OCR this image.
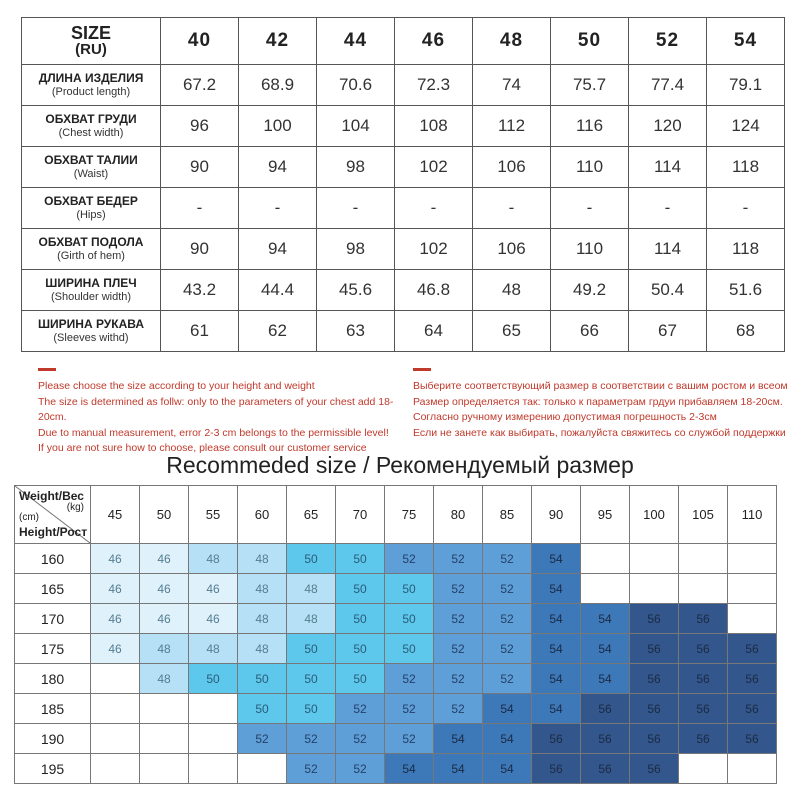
SIZE
(RU)	40	42	44	46	48	50	52	54

ДЛИНА ИЗДЕЛИЯ
(Product length)	67.2	68.9	70.6	72.3	74	75.7	77.4	79.1

ОБХВАТ ГРУДИ
(Chest width)	96	100	104	108	112	116	120	124

ОБХВАТ ТАЛИИ
(Waist)	90	94	98	102	106	110	114	118

ОБХВАТ БЕДЕР
(Hips)	-	-	-	-	-	-	-	-

ОБХВАТ ПОДОЛА
(Girth of hem)	90	94	98	102	106	110	114	118

ШИРИНА ПЛЕЧ
(Shoulder width)	43.2	44.4	45.6	46.8	48	49.2	50.4	51.6

ШИРИНА РУКАВА
(Sleeves withd)	61	62	63	64	65	66	67	68
Please choose the size according to your height and weight
The size is determined as follw: only to the parameters of your chest add 18-20cm.
Due to manual measurement, error 2-3 cm belongs to the permissible level!
If you are not sure how to choose, please consult our customer service
Выберите соответствующий размер в соответствии с вашим ростом и всеом
Размер определяется так: только к параметрам грдуи прибавляем 18-20см.
Согласно ручному измерению допустимая погрешность 2-3см
Если не занете как выбирать, пожалуйста свяжитесь со службой поддержки
Recommeded size / Рекомендуемый размер
Weight/Вес
(kg)
(cm)
Height/Рост	45	50	55	60	65	70	75	80	85	90	95	100	105	110
160	46	46	48	48	50	50	52	52	52	54				
165	46	46	46	48	48	50	50	52	52	54				
170	46	46	46	48	48	50	50	52	52	54	54	56	56	
175	46	48	48	48	50	50	50	52	52	54	54	56	56	56
180		48	50	50	50	50	52	52	52	54	54	56	56	56
185				50	50	52	52	52	54	54	56	56	56	56
190				52	52	52	52	54	54	56	56	56	56	56
195					52	52	54	54	54	56	56	56		
